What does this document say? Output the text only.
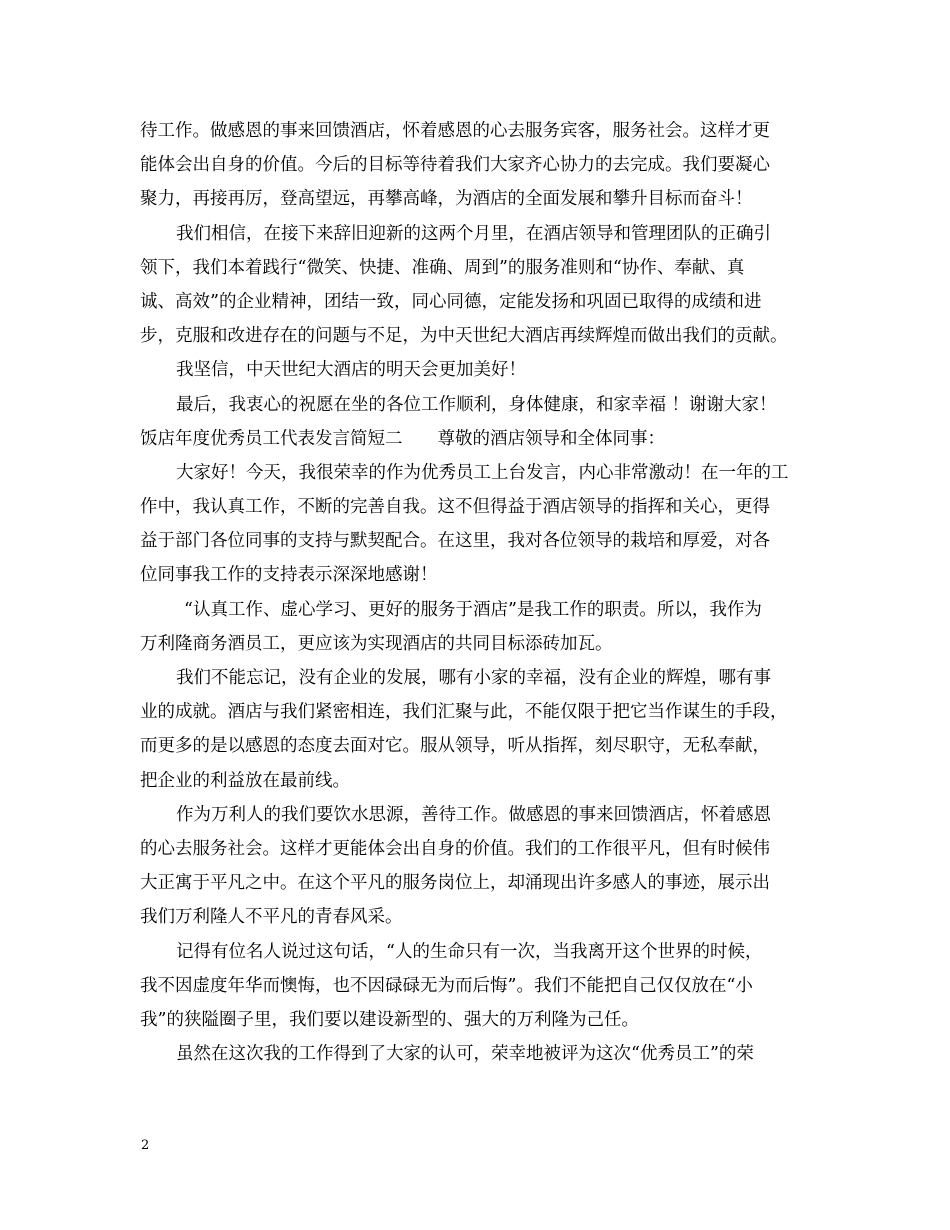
待工作。做感恩的事来回馈酒店，怀着感恩的心去服务宾客，服务社会。这样才更
能体会出自身的价值。今后的目标等待着我们大家齐心协力的去完成。我们要凝心
聚力，再接再厉，登高望远，再攀高峰，为酒店的全面发展和攀升目标而奋斗！
我们相信，在接下来辞旧迎新的这两个月里，在酒店领导和管理团队的正确引
领下，我们本着践行“微笑、快捷、准确、周到”的服务准则和“协作、奉献、真
诚、高效”的企业精神，团结一致，同心同德，定能发扬和巩固已取得的成绩和进
步，克服和改进存在的问题与不足，为中天世纪大酒店再续辉煌而做出我们的贡献。
我坚信，中天世纪大酒店的明天会更加美好！
最后，我衷心的祝愿在坐的各位工作顺利，身体健康，和家幸福 ！谢谢大家！
饭店年度优秀员工代表发言简短二　　尊敬的酒店领导和全体同事：
大家好！今天，我很荣幸的作为优秀员工上台发言，内心非常激动！在一年的工
作中，我认真工作，不断的完善自我。这不但得益于酒店领导的指挥和关心，更得
益于部门各位同事的支持与默契配合。在这里，我对各位领导的栽培和厚爱，对各
位同事我工作的支持表示深深地感谢！
“认真工作、虚心学习、更好的服务于酒店”是我工作的职责。所以，我作为
万利隆商务酒员工，更应该为实现酒店的共同目标添砖加瓦。
我们不能忘记，没有企业的发展，哪有小家的幸福，没有企业的辉煌，哪有事
业的成就。酒店与我们紧密相连，我们汇聚与此，不能仅限于把它当作谋生的手段，
而更多的是以感恩的态度去面对它。服从领导，听从指挥，刻尽职守，无私奉献，
把企业的利益放在最前线。
作为万利人的我们要饮水思源，善待工作。做感恩的事来回馈酒店，怀着感恩
的心去服务社会。这样才更能体会出自身的价值。我们的工作很平凡，但有时候伟
大正寓于平凡之中。在这个平凡的服务岗位上，却涌现出许多感人的事迹，展示出
我们万利隆人不平凡的青春风采。
记得有位名人说过这句话，“人的生命只有一次，当我离开这个世界的时候，
我不因虚度年华而懊悔，也不因碌碌无为而后悔”。我们不能把自己仅仅放在“小
我”的狭隘圈子里，我们要以建设新型的、强大的万利隆为己任。
虽然在这次我的工作得到了大家的认可，荣幸地被评为这次“优秀员工”的荣
2
